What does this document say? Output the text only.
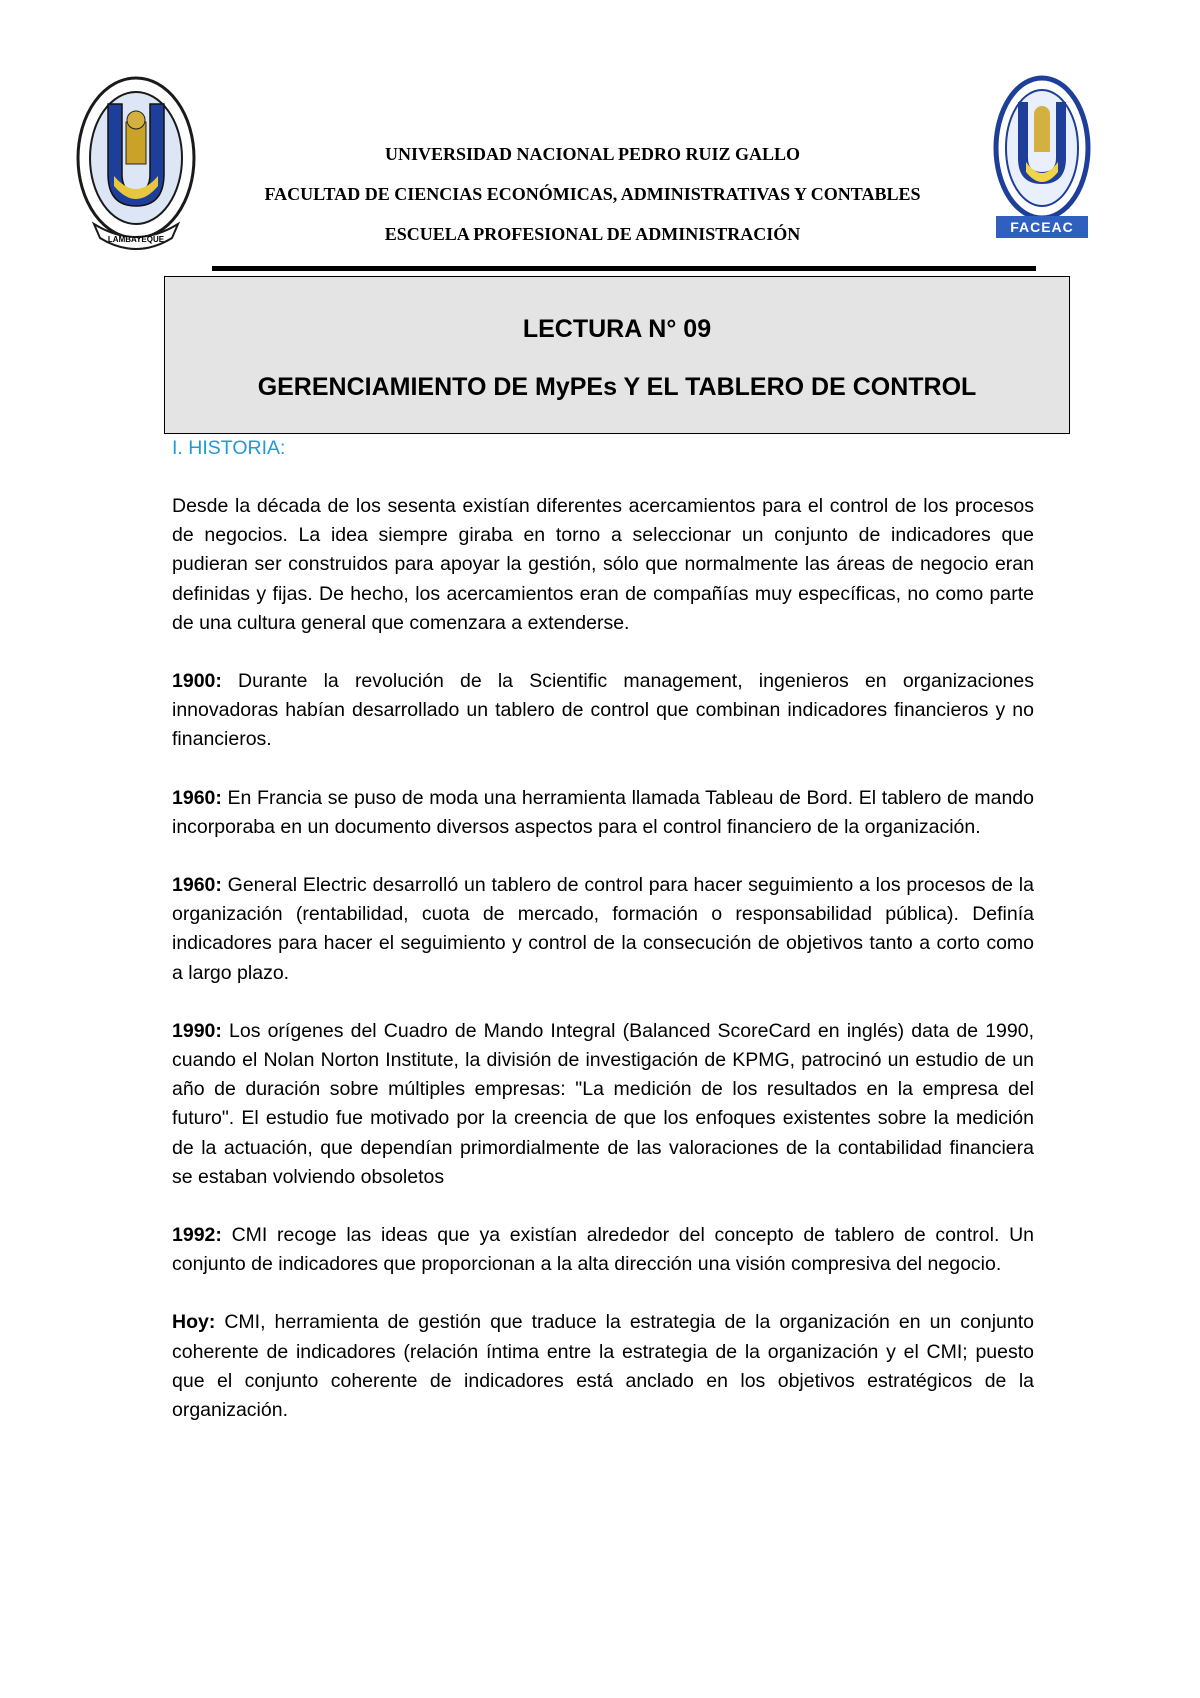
LAMBAYEQUE
FACEAC
UNIVERSIDAD NACIONAL PEDRO RUIZ GALLO
FACULTAD DE CIENCIAS ECONÓMICAS, ADMINISTRATIVAS Y CONTABLES
ESCUELA PROFESIONAL DE ADMINISTRACIÓN
LECTURA N° 09
GERENCIAMIENTO DE MyPEs Y EL TABLERO DE CONTROL
I. HISTORIA:

Desde la década de los sesenta existían diferentes acercamientos para el control de los procesos de negocios. La idea siempre giraba en torno a seleccionar un conjunto de indicadores que pudieran ser construidos para apoyar la gestión, sólo que normalmente las áreas de negocio eran definidas y fijas. De hecho, los acercamientos eran de compañías muy específicas, no como parte de una cultura general que comenzara a extenderse.

1900: Durante la revolución de la Scientific management, ingenieros en organizaciones innovadoras habían desarrollado un tablero de control que combinan indicadores financieros y no financieros.

1960: En Francia se puso de moda una herramienta llamada Tableau de Bord. El tablero de mando incorporaba en un documento diversos aspectos para el control financiero de la organización.

1960: General Electric desarrolló un tablero de control para hacer seguimiento a los procesos de la organización (rentabilidad, cuota de mercado, formación o responsabilidad pública). Definía indicadores para hacer el seguimiento y control de la consecución de objetivos tanto a corto como a largo plazo.

1990: Los orígenes del Cuadro de Mando Integral (Balanced ScoreCard en inglés) data de 1990, cuando el Nolan Norton Institute, la división de investigación de KPMG, patrocinó un estudio de un año de duración sobre múltiples empresas: "La medición de los resultados en la empresa del futuro". El estudio fue motivado por la creencia de que los enfoques existentes sobre la medición de la actuación, que dependían primordialmente de las valoraciones de la contabilidad financiera se estaban volviendo obsoletos

1992: CMI recoge las ideas que ya existían alrededor del concepto de tablero de control. Un conjunto de indicadores que proporcionan a la alta dirección una visión compresiva del negocio.

Hoy: CMI, herramienta de gestión que traduce la estrategia de la organización en un conjunto coherente de indicadores (relación íntima entre la estrategia de la organización y el CMI; puesto que el conjunto coherente de indicadores está anclado en los objetivos estratégicos de la organización.
